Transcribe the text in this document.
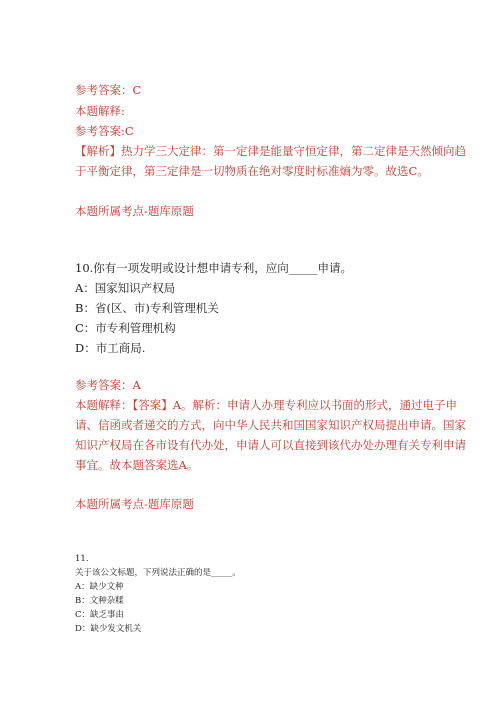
参考答案：C
本题解释:
参考答案:C
【解析】热力学三大定律：第一定律是能量守恒定律，第二定律是天然倾向趋
于平衡定律，第三定律是一切物质在绝对零度时标准熵为零。故选C。
本题所属考点-题库原题
10.你有一项发明或设计想申请专利，应向_____申请。
A：国家知识产权局
B：省(区、市)专利管理机关
C：市专利管理机构
D：市工商局.
参考答案：A
本题解释：【答案】A。解析：申请人办理专利应以书面的形式，通过电子申
请、信函或者递交的方式，向中华人民共和国国家知识产权局提出申请。国家
知识产权局在各市设有代办处，申请人可以直接到该代办处办理有关专利申请
事宜。故本题答案选A。
本题所属考点-题库原题
11.
关于该公文标题，下列说法正确的是_____。
A：缺少文种
B：文种杂糅
C：缺乏事由
D：缺少发文机关
